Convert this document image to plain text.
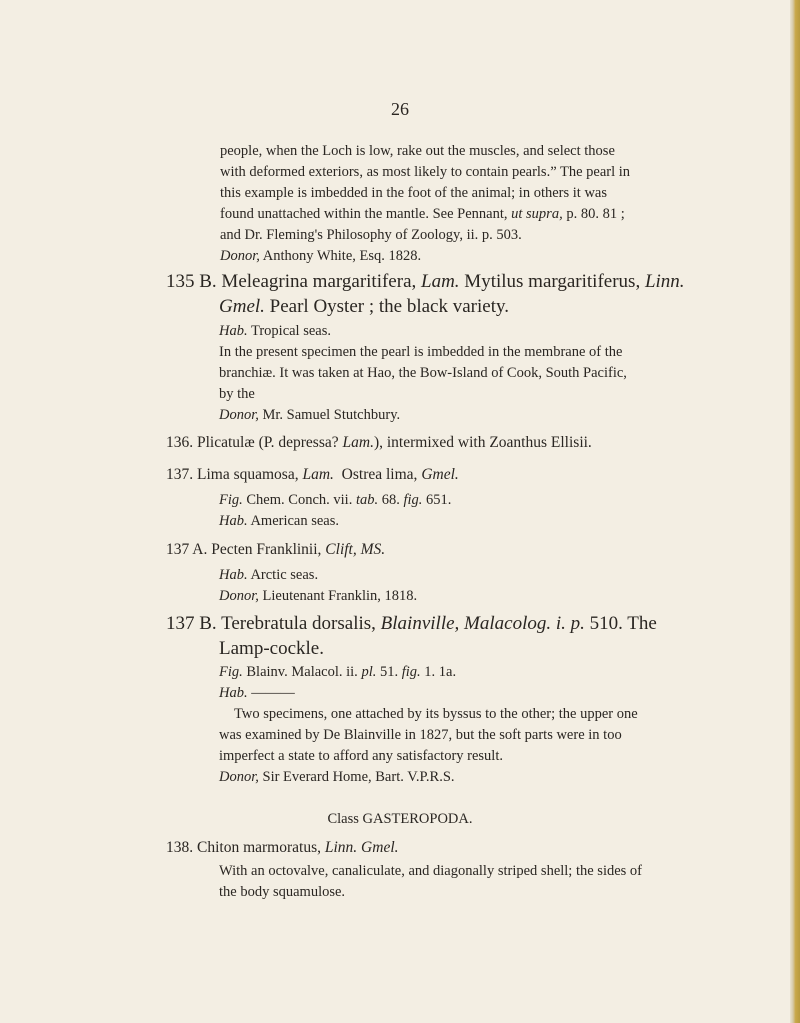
26
people, when the Loch is low, rake out the muscles, and select those
with deformed exteriors, as most likely to contain pearls.” The pearl in
this example is imbedded in the foot of the animal; in others it was
found unattached within the mantle. See Pennant, ut supra, p. 80. 81 ;
and Dr. Fleming's Philosophy of Zoology, ii. p. 503.
Donor, Anthony White, Esq. 1828.
135 B. Meleagrina margaritifera, Lam. Mytilus margaritiferus, Linn.
Gmel. Pearl Oyster ; the black variety.
Hab. Tropical seas.
In the present specimen the pearl is imbedded in the membrane of the
branchiæ. It was taken at Hao, the Bow-Island of Cook, South Pacific,
by the
Donor, Mr. Samuel Stutchbury.
136. Plicatulæ (P. depressa? Lam.), intermixed with Zoanthus Ellisii.
137. Lima squamosa, Lam. Ostrea lima, Gmel.
Fig. Chem. Conch. vii. tab. 68. fig. 651.
Hab. American seas.
137 A. Pecten Franklinii, Clift, MS.
Hab. Arctic seas.
Donor, Lieutenant Franklin, 1818.
137 B. Terebratula dorsalis, Blainville, Malacolog. i. p. 510. The
Lamp-cockle.
Fig. Blainv. Malacol. ii. pl. 51. fig. 1. 1a.
Hab. ———
Two specimens, one attached by its byssus to the other; the upper one
was examined by De Blainville in 1827, but the soft parts were in too
imperfect a state to afford any satisfactory result.
Donor, Sir Everard Home, Bart. V.P.R.S.
Class GASTEROPODA.
138. Chiton marmoratus, Linn. Gmel.
With an octovalve, canaliculate, and diagonally striped shell; the sides of
the body squamulose.
